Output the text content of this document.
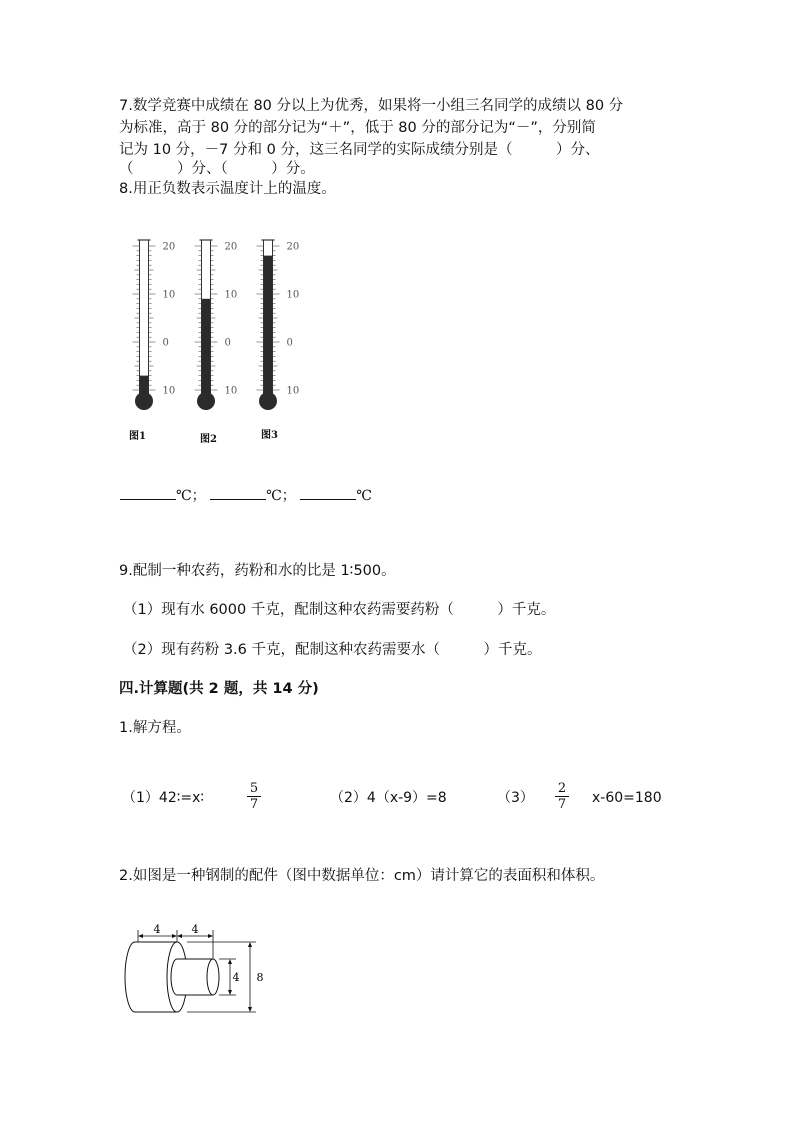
7.数学竞赛中成绩在 80 分以上为优秀，如果将一小组三名同学的成绩以 80 分
为标准，高于 80 分的部分记为“＋”，低于 80 分的部分记为“－”，分别简
记为 10 分，－7 分和 0 分，这三名同学的实际成绩分别是（　　　）分、
（　　　）分、（　　　）分。
8.用正负数表示温度计上的温度。
20
10
0
10
20
10
0
10
20
10
0
10
图1	图2	图3
℃；	℃；	℃
9.配制一种农药，药粉和水的比是 1∶500。
（1）现有水 6000 千克，配制这种农药需要药粉（　　　）千克。
（2）现有药粉 3.6 千克，配制这种农药需要水（　　　）千克。
四.计算题(共 2 题，共 14 分)
1.解方程。
（1）42∶=x∶	$\frac{5}{7}$	（2）4（x-9）=8	$(3) \frac{2}{7} x-60=180$
2.如图是一种钢制的配件（图中数据单位：cm）请计算它的表面积和体积。
4	4
4 8
